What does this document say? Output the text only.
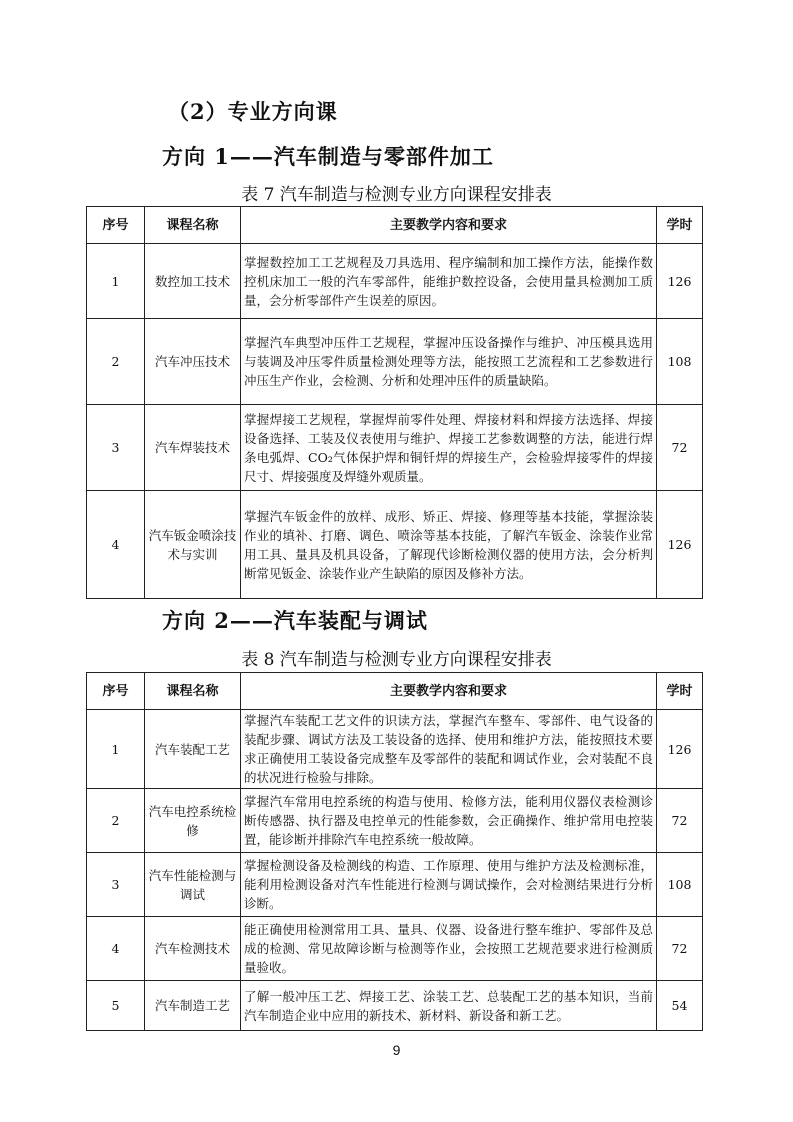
（2）专业方向课
方向 1——汽车制造与零部件加工
表 7 汽车制造与检测专业方向课程安排表
序号	课程名称	主要教学内容和要求	学时
1	数控加工技术	掌握数控加工工艺规程及刀具选用、程序编制和加工操作方法，能操作数控机床加工一般的汽车零部件，能维护数控设备，会使用量具检测加工质量，会分析零部件产生误差的原因。	126
2	汽车冲压技术	掌握汽车典型冲压件工艺规程，掌握冲压设备操作与维护、冲压模具选用与装调及冲压零件质量检测处理等方法，能按照工艺流程和工艺参数进行冲压生产作业，会检测、分析和处理冲压件的质量缺陷。	108
3	汽车焊装技术	掌握焊接工艺规程，掌握焊前零件处理、焊接材料和焊接方法选择、焊接设备选择、工装及仪表使用与维护、焊接工艺参数调整的方法，能进行焊条电弧焊、CO₂气体保护焊和铜钎焊的焊接生产，会检验焊接零件的焊接尺寸、焊接强度及焊缝外观质量。	72
4	汽车钣金喷涂技术与实训	掌握汽车钣金件的放样、成形、矫正、焊接、修理等基本技能，掌握涂装作业的填补、打磨、调色、喷涂等基本技能，了解汽车钣金、涂装作业常用工具、量具及机具设备，了解现代诊断检测仪器的使用方法，会分析判断常见钣金、涂装作业产生缺陷的原因及修补方法。	126
方向 2——汽车装配与调试
表 8 汽车制造与检测专业方向课程安排表
序号	课程名称	主要教学内容和要求	学时
1	汽车装配工艺	掌握汽车装配工艺文件的识读方法，掌握汽车整车、零部件、电气设备的装配步骤、调试方法及工装设备的选择、使用和维护方法，能按照技术要求正确使用工装设备完成整车及零部件的装配和调试作业，会对装配不良的状况进行检验与排除。	126
2	汽车电控系统检修	掌握汽车常用电控系统的构造与使用、检修方法，能利用仪器仪表检测诊断传感器、执行器及电控单元的性能参数，会正确操作、维护常用电控装置，能诊断并排除汽车电控系统一般故障。	72
3	汽车性能检测与调试	掌握检测设备及检测线的构造、工作原理、使用与维护方法及检测标准，能利用检测设备对汽车性能进行检测与调试操作，会对检测结果进行分析诊断。	108
4	汽车检测技术	能正确使用检测常用工具、量具、仪器、设备进行整车维护、零部件及总成的检测、常见故障诊断与检测等作业，会按照工艺规范要求进行检测质量验收。	72
5	汽车制造工艺	了解一般冲压工艺、焊接工艺、涂装工艺、总装配工艺的基本知识，当前汽车制造企业中应用的新技术、新材料、新设备和新工艺。	54
9
